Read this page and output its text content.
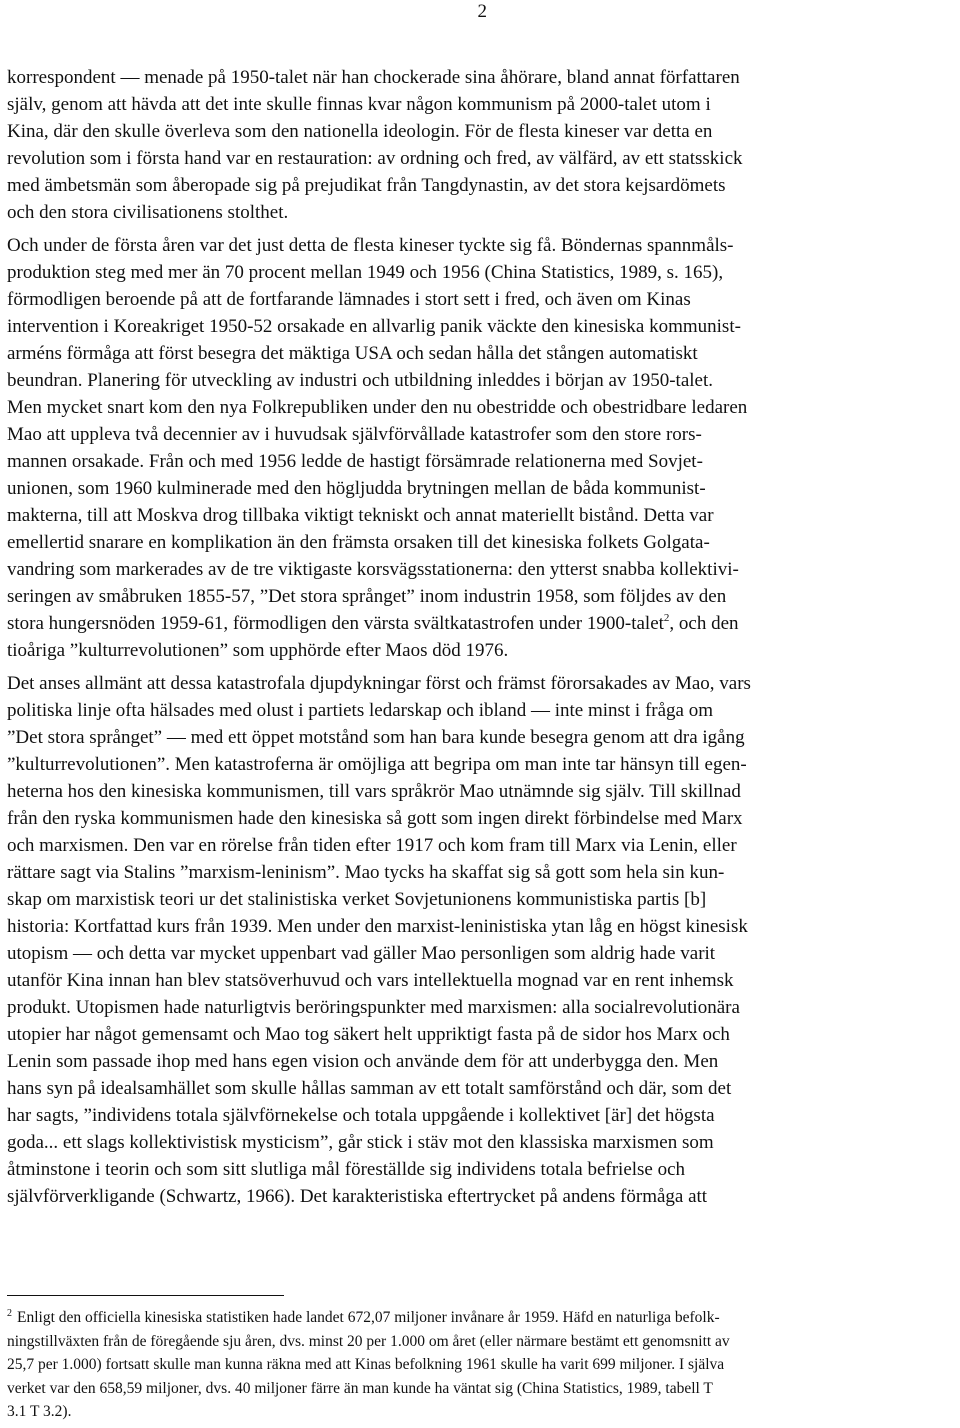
2
korrespondent — menade på 1950-talet när han chockerade sina åhörare, bland annat författaren
själv, genom att hävda att det inte skulle finnas kvar någon kommunism på 2000-talet utom i
Kina, där den skulle överleva som den nationella ideologin. För de flesta kineser var detta en
revolution som i första hand var en restauration: av ordning och fred, av välfärd, av ett statsskick
med ämbetsmän som åberopade sig på prejudikat från Tangdynastin, av det stora kejsardömets
och den stora civilisationens stolthet.
Och under de första åren var det just detta de flesta kineser tyckte sig få. Böndernas spannmåls-
produktion steg med mer än 70 procent mellan 1949 och 1956 (China Statistics, 1989, s. 165),
förmodligen beroende på att de fortfarande lämnades i stort sett i fred, och även om Kinas
intervention i Koreakriget 1950-52 orsakade en allvarlig panik väckte den kinesiska kommunist-
arméns förmåga att först besegra det mäktiga USA och sedan hålla det stången automatiskt
beundran. Planering för utveckling av industri och utbildning inleddes i början av 1950-talet.
Men mycket snart kom den nya Folkrepubliken under den nu obestridde och obestridbare ledaren
Mao att uppleva två decennier av i huvudsak självförvållade katastrofer som den store rors-
mannen orsakade. Från och med 1956 ledde de hastigt försämrade relationerna med Sovjet-
unionen, som 1960 kulminerade med den högljudda brytningen mellan de båda kommunist-
makterna, till att Moskva drog tillbaka viktigt tekniskt och annat materiellt bistånd. Detta var
emellertid snarare en komplikation än den främsta orsaken till det kinesiska folkets Golgata-
vandring som markerades av de tre viktigaste korsvägsstationerna: den ytterst snabba kollektivi-
seringen av småbruken 1855-57, ”Det stora språnget” inom industrin 1958, som följdes av den
stora hungersnöden 1959-61, förmodligen den värsta svältkatastrofen under 1900-talet$^2$, och den
tioåriga ”kulturrevolutionen” som upphörde efter Maos död 1976.
Det anses allmänt att dessa katastrofala djupdykningar först och främst förorsakades av Mao, vars
politiska linje ofta hälsades med olust i partiets ledarskap och ibland — inte minst i fråga om
”Det stora språnget” — med ett öppet motstånd som han bara kunde besegra genom att dra igång
”kulturrevolutionen”. Men katastroferna är omöjliga att begripa om man inte tar hänsyn till egen-
heterna hos den kinesiska kommunismen, till vars språkrör Mao utnämnde sig själv. Till skillnad
från den ryska kommunismen hade den kinesiska så gott som ingen direkt förbindelse med Marx
och marxismen. Den var en rörelse från tiden efter 1917 och kom fram till Marx via Lenin, eller
rättare sagt via Stalins ”marxism-leninism”. Mao tycks ha skaffat sig så gott som hela sin kun-
skap om marxistisk teori ur det stalinistiska verket Sovjetunionens kommunistiska partis [b]
historia: Kortfattad kurs från 1939. Men under den marxist-leninistiska ytan låg en högst kinesisk
utopism — och detta var mycket uppenbart vad gäller Mao personligen som aldrig hade varit
utanför Kina innan han blev statsöverhuvud och vars intellektuella mognad var en rent inhemsk
produkt. Utopismen hade naturligtvis beröringspunkter med marxismen: alla socialrevolutionära
utopier har något gemensamt och Mao tog säkert helt uppriktigt fasta på de sidor hos Marx och
Lenin som passade ihop med hans egen vision och använde dem för att underbygga den. Men
hans syn på idealsamhället som skulle hållas samman av ett totalt samförstånd och där, som det
har sagts, ”individens totala självförnekelse och totala uppgående i kollektivet [är] det högsta
goda... ett slags kollektivistisk mysticism”, går stick i stäv mot den klassiska marxismen som
åtminstone i teorin och som sitt slutliga mål föreställde sig individens totala befrielse och
självförverkligande (Schwartz, 1966). Det karakteristiska eftertrycket på andens förmåga att
$^2$ Enligt den officiella kinesiska statistiken hade landet 672,07 miljoner invånare år 1959. Häfd en naturliga befolk-
ningstillväxten från de föregående sju åren, dvs. minst 20 per 1.000 om året (eller närmare bestämt ett genomsnitt av
25,7 per 1.000) fortsatt skulle man kunna räkna med att Kinas befolkning 1961 skulle ha varit 699 miljoner. I själva
verket var den 658,59 miljoner, dvs. 40 miljoner färre än man kunde ha väntat sig (China Statistics, 1989, tabell T
3.1 T 3.2).
